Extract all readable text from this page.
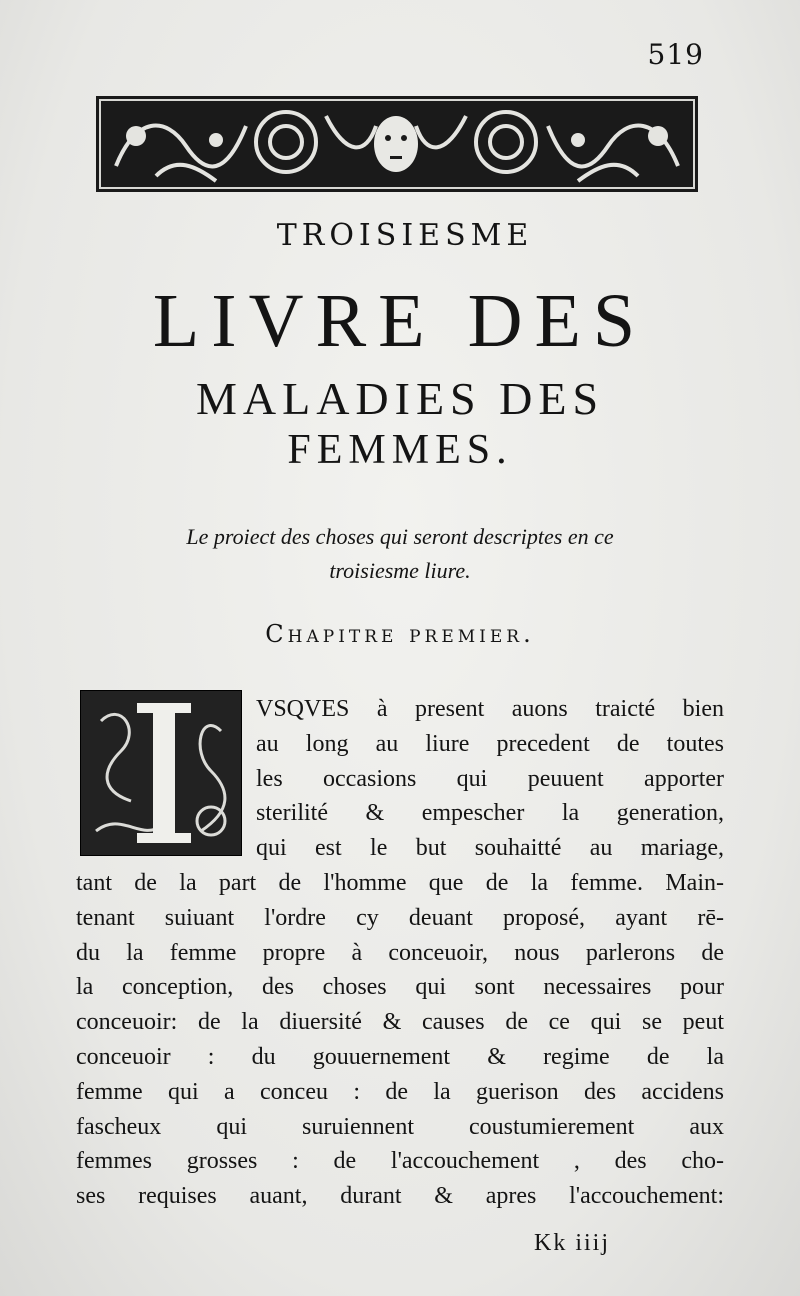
519
TROISIESME
LIVRE DES
MALADIES DES
FEMMES.
Le proiect des choses qui seront descriptes en ce
troisiesme liure.
Chapitre premier.
VSQVES à present auons traicté bien
au long au liure precedent de toutes
les occasions qui peuuent apporter
sterilité & empescher la generation,
qui est le but souhaitté au mariage,
tant de la part de l'homme que de la femme. Main-
tenant suiuant l'ordre cy deuant proposé, ayant rē-
du la femme propre à conceuoir, nous parlerons de
la conception, des choses qui sont necessaires pour
conceuoir: de la diuersité & causes de ce qui se peut
conceuoir : du gouuernement & regime de la
femme qui a conceu : de la guerison des accidens
fascheux qui suruiennent coustumierement aux
femmes grosses : de l'accouchement , des cho-
ses requises auant, durant & apres l'accouchement:
Kk iiij
